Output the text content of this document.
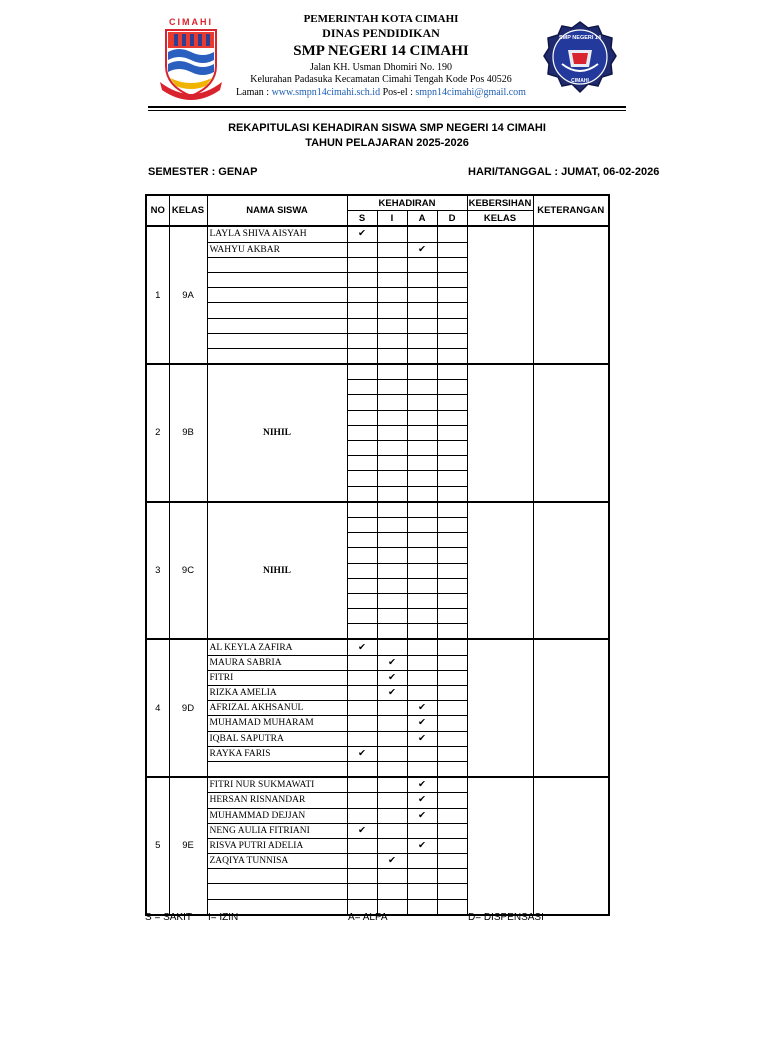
CIMAHI	PEMERINTAH KOTA CIMAHI
DINAS PENDIDIKAN
SMP NEGERI 14 CIMAHI
Jalan KH. Usman Dhomiri No. 190
Kelurahan Padasuka Kecamatan Cimahi Tengah Kode Pos 40526
Laman : www.smpn14cimahi.sch.id Pos-el : smpn14cimahi@gmail.com
SMP NEGERI 14
CIMAHI
REKAPITULASI KEHADIRAN SISWA SMP NEGERI 14 CIMAHI
TAHUN PELAJARAN 2025-2026
SEMESTER : GENAP	HARI/TANGGAL : JUMAT, 06-02-2026
NO	KELAS	NAMA SISWA	KEHADIRAN				KEBERSIHAN	KETERANGAN
			S	I	A	D	KELAS	
1	9A	LAYLA SHIVA AISYAH	✔					
		WAHYU AKBAR			✔			

2	9B	NIHIL						

3	9C	NIHIL						

4	9D	AL KEYLA ZAFIRA	✔					
		MAURA SABRIA		✔				
		FITRI		✔				
		RIZKA AMELIA		✔				
		AFRIZAL AKHSANUL			✔			
		MUHAMAD MUHARAM			✔			
		IQBAL SAPUTRA			✔			
		RAYKA FARIS	✔					

5	9E	FITRI NUR SUKMAWATI			✔			
		HERSAN RISNANDAR			✔			
		MUHAMMAD DEJJAN			✔			
		NENG AULIA FITRIANI	✔					
		RISVA PUTRI ADELIA			✔			
		ZAQIYA TUNNISA		✔				

S = SAKIT I= IZIN	A= ALPA	D= DISPENSASI
